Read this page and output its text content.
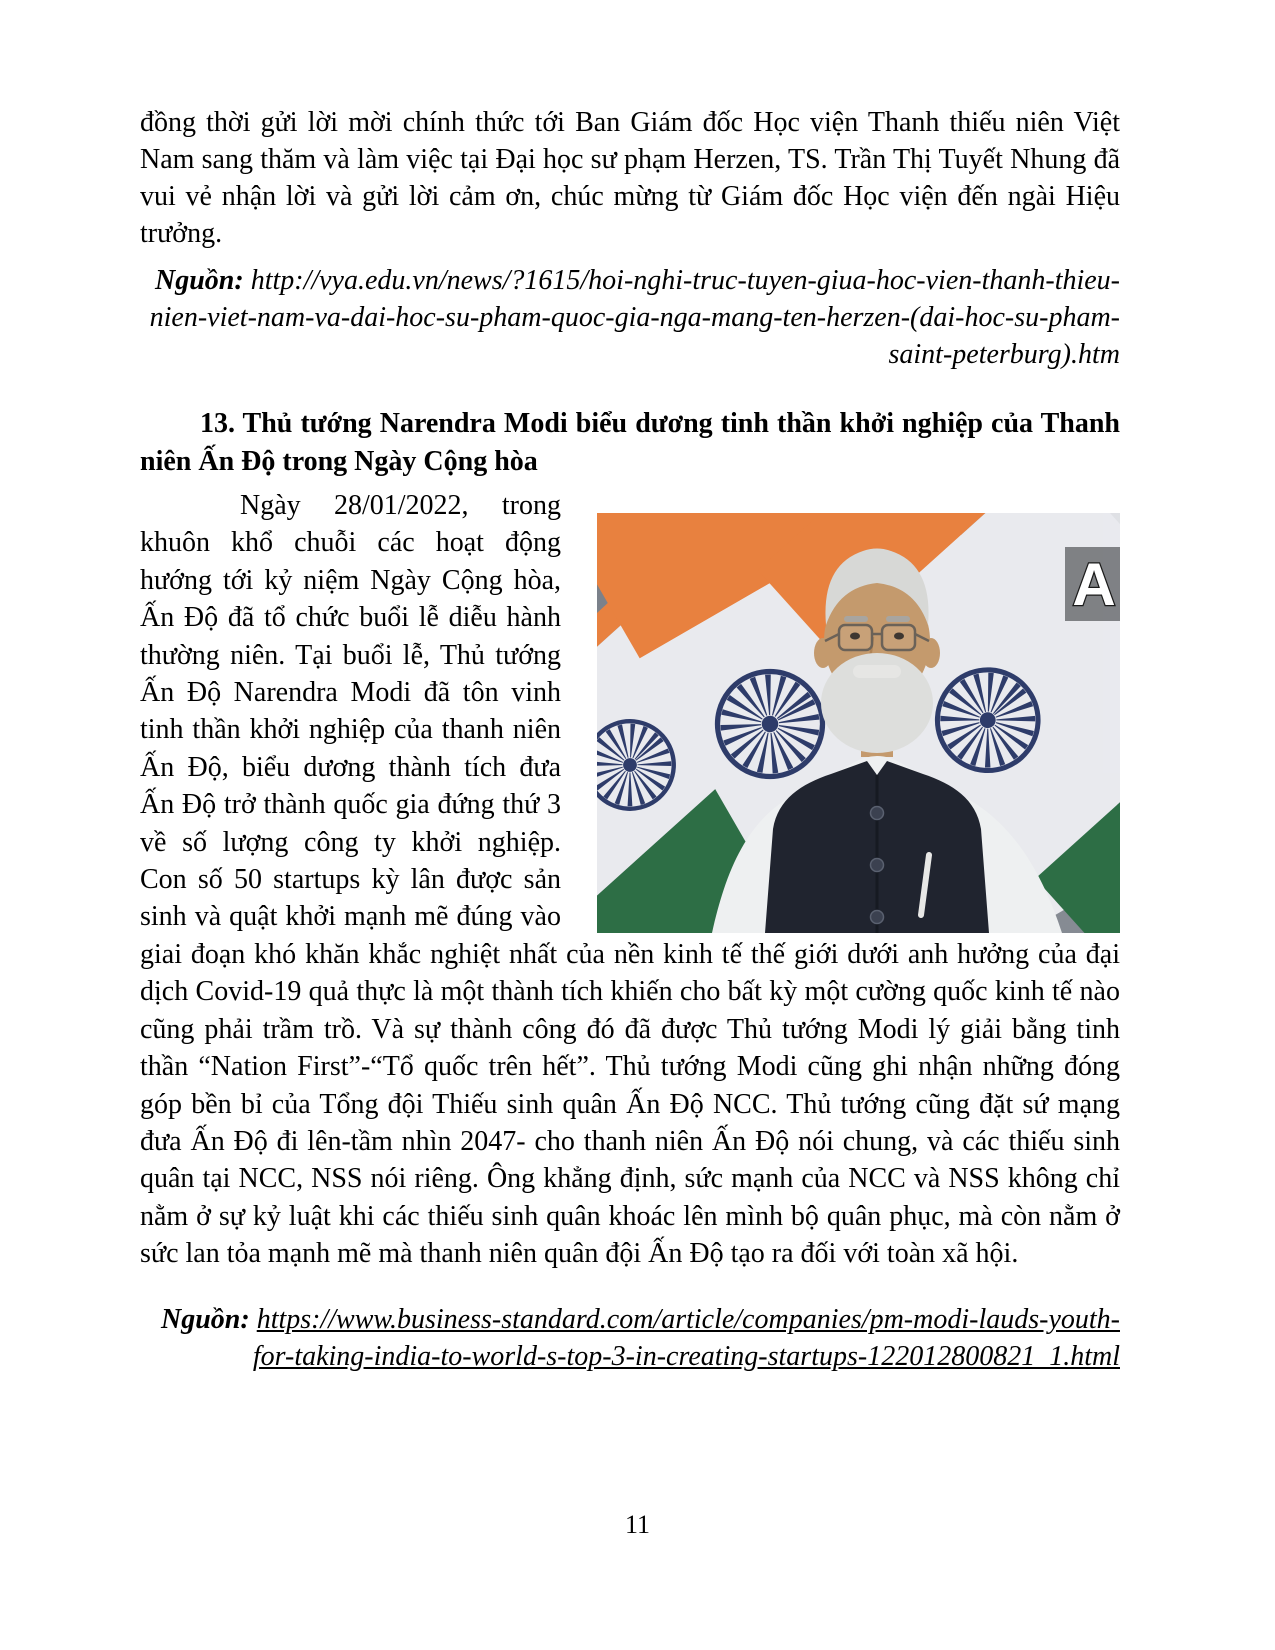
đồng thời gửi lời mời chính thức tới Ban Giám đốc Học viện Thanh thiếu niên Việt Nam sang thăm và làm việc tại Đại học sư phạm Herzen, TS. Trần Thị Tuyết Nhung đã vui vẻ nhận lời và gửi lời cảm ơn, chúc mừng từ Giám đốc Học viện đến ngài Hiệu trưởng.

Nguồn: http://vya.edu.vn/news/?1615/hoi-nghi-truc-tuyen-giua-hoc-vien-thanh-thieu-nien-viet-nam-va-dai-hoc-su-pham-quoc-gia-nga-mang-ten-herzen-(dai-hoc-su-pham-saint-peterburg).htm

13. Thủ tướng Narendra Modi biểu dương tinh thần khởi nghiệp của Thanh niên Ấn Độ trong Ngày Cộng hòa

A
Ngày 28/01/2022, trong khuôn khổ chuỗi các hoạt động hướng tới kỷ niệm Ngày Cộng hòa, Ấn Độ đã tổ chức buổi lễ diễu hành thường niên. Tại buổi lễ, Thủ tướng Ấn Độ Narendra Modi đã tôn vinh tinh thần khởi nghiệp của thanh niên Ấn Độ, biểu dương thành tích đưa Ấn Độ trở thành quốc gia đứng thứ 3 về số lượng công ty khởi nghiệp. Con số 50 startups kỳ lân được sản sinh và quật khởi mạnh mẽ đúng vào giai đoạn khó khăn khắc nghiệt nhất của nền kinh tế thế giới dưới anh hưởng của đại dịch Covid-19 quả thực là một thành tích khiến cho bất kỳ một cường quốc kinh tế nào cũng phải trầm trồ. Và sự thành công đó đã được Thủ tướng Modi lý giải bằng tinh thần “Nation First”-“Tổ quốc trên hết”. Thủ tướng Modi cũng ghi nhận những đóng góp bền bỉ của Tổng đội Thiếu sinh quân Ấn Độ NCC. Thủ tướng cũng đặt sứ mạng đưa Ấn Độ đi lên-tầm nhìn 2047- cho thanh niên Ấn Độ nói chung, và các thiếu sinh quân tại NCC, NSS nói riêng. Ông khẳng định, sức mạnh của NCC và NSS không chỉ nằm ở sự kỷ luật khi các thiếu sinh quân khoác lên mình bộ quân phục, mà còn nằm ở sức lan tỏa mạnh mẽ mà thanh niên quân đội Ấn Độ tạo ra đối với toàn xã hội.

Nguồn: https://www.business-standard.com/article/companies/pm-modi-lauds-youth-for-taking-india-to-world-s-top-3-in-creating-startups-122012800821_1.html

11
